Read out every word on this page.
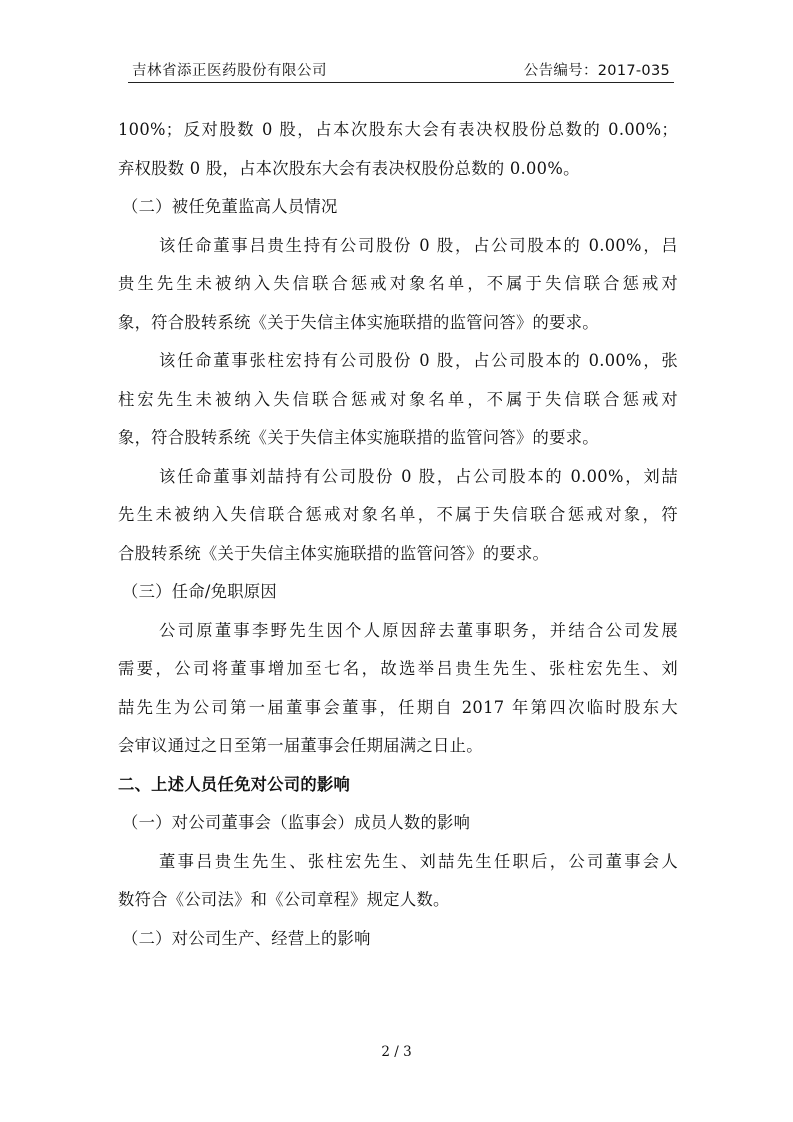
吉林省添正医药股份有限公司	公告编号：2017-035
100%；反对股数 0 股，占本次股东大会有表决权股份总数的 0.00%；
弃权股数 0 股，占本次股东大会有表决权股份总数的 0.00%。
（二）被任免董监高人员情况
该任命董事吕贵生持有公司股份 0 股，占公司股本的 0.00%，吕
贵生先生未被纳入失信联合惩戒对象名单，不属于失信联合惩戒对
象，符合股转系统《关于失信主体实施联措的监管问答》的要求。
该任命董事张柱宏持有公司股份 0 股，占公司股本的 0.00%，张
柱宏先生未被纳入失信联合惩戒对象名单，不属于失信联合惩戒对
象，符合股转系统《关于失信主体实施联措的监管问答》的要求。
该任命董事刘喆持有公司股份 0 股，占公司股本的 0.00%，刘喆
先生未被纳入失信联合惩戒对象名单，不属于失信联合惩戒对象，符
合股转系统《关于失信主体实施联措的监管问答》的要求。
（三）任命/免职原因
公司原董事李野先生因个人原因辞去董事职务，并结合公司发展
需要，公司将董事增加至七名，故选举吕贵生先生、张柱宏先生、刘
喆先生为公司第一届董事会董事，任期自 2017 年第四次临时股东大
会审议通过之日至第一届董事会任期届满之日止。
二、上述人员任免对公司的影响
（一）对公司董事会（监事会）成员人数的影响
董事吕贵生先生、张柱宏先生、刘喆先生任职后，公司董事会人
数符合《公司法》和《公司章程》规定人数。
（二）对公司生产、经营上的影响
2 / 3
